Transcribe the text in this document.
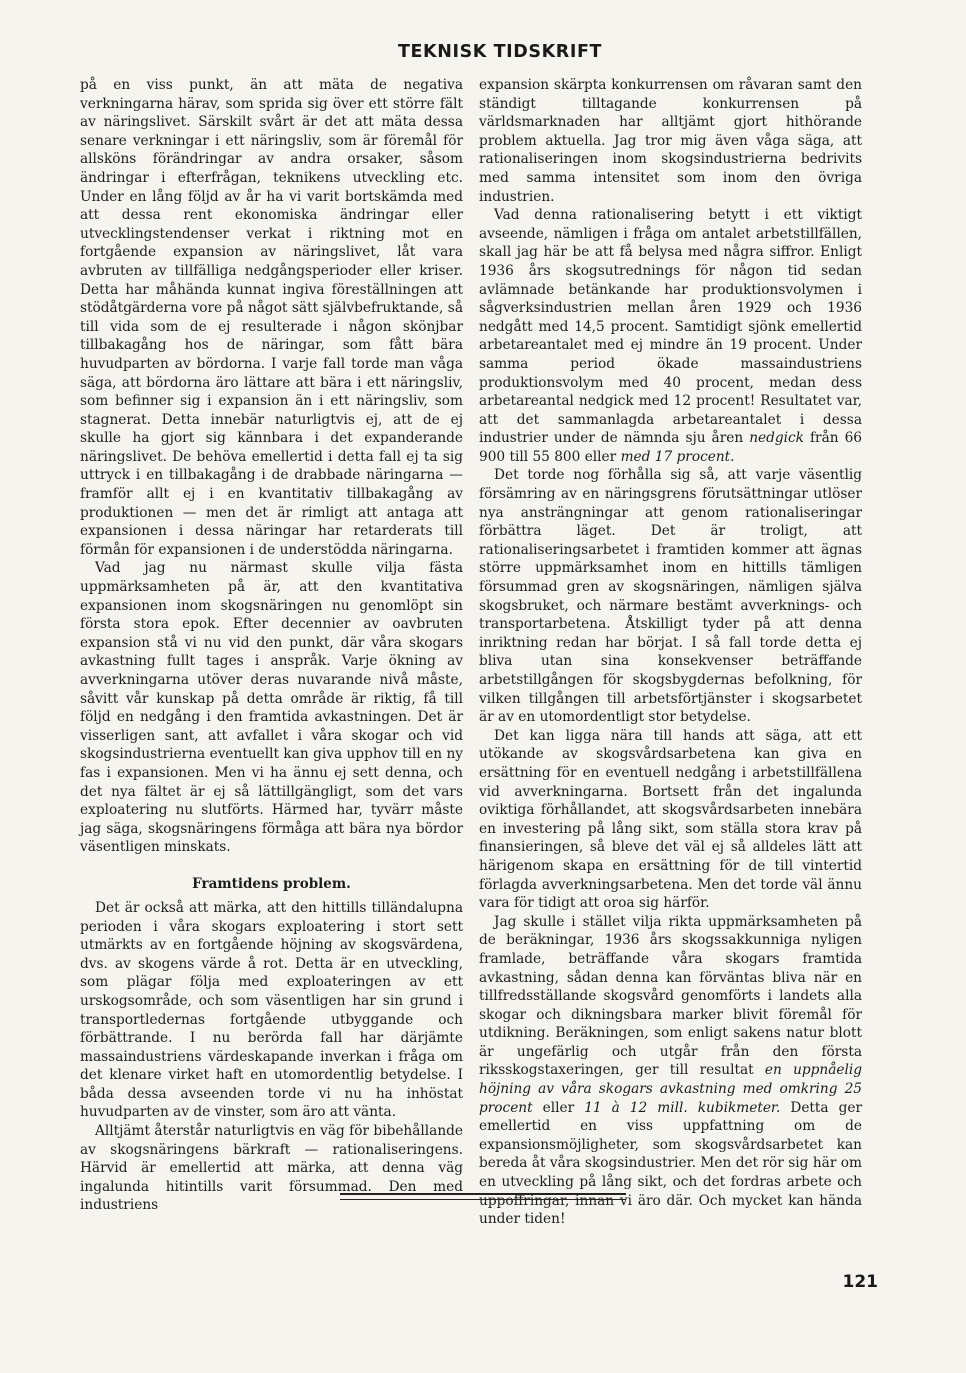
TEKNISK TIDSKRIFT

på en viss punkt, än att mäta de negativa verkningarna härav, som sprida sig över ett större fält av näringslivet. Särskilt svårt är det att mäta dessa senare verkningar i ett näringsliv, som är föremål för allsköns förändringar av andra orsaker, såsom ändringar i efterfrågan, teknikens utveckling etc. Under en lång följd av år ha vi varit bortskämda med att dessa rent ekonomiska ändringar eller utvecklingstendenser verkat i riktning mot en fortgående expansion av näringslivet, låt vara avbruten av tillfälliga nedgångsperioder eller kriser. Detta har måhända kunnat ingiva föreställningen att stödåtgärderna vore på något sätt självbefruktande, så till vida som de ej resulterade i någon skönjbar tillbakagång hos de näringar, som fått bära huvudparten av bördorna. I varje fall torde man våga säga, att bördorna äro lättare att bära i ett näringsliv, som befinner sig i expansion än i ett näringsliv, som stagnerat. Detta innebär naturligtvis ej, att de ej skulle ha gjort sig kännbara i det expanderande näringslivet. De behöva emellertid i detta fall ej ta sig uttryck i en tillbakagång i de drabbade näringarna — framför allt ej i en kvantitativ tillbakagång av produktionen — men det är rimligt att antaga att expansionen i dessa näringar har retarderats till förmån för expansionen i de understödda näringarna.

Vad jag nu närmast skulle vilja fästa uppmärksamheten på är, att den kvantitativa expansionen inom skogsnäringen nu genomlöpt sin första stora epok. Efter decennier av oavbruten expansion stå vi nu vid den punkt, där våra skogars avkastning fullt tages i anspråk. Varje ökning av avverkningarna utöver deras nuvarande nivå måste, såvitt vår kunskap på detta område är riktig, få till följd en nedgång i den framtida avkastningen. Det är visserligen sant, att avfallet i våra skogar och vid skogsindustrierna eventuellt kan giva upphov till en ny fas i expansionen. Men vi ha ännu ej sett denna, och det nya fältet är ej så lättillgängligt, som det vars exploatering nu slutförts. Härmed har, tyvärr måste jag säga, skogsnäringens förmåga att bära nya bördor väsentligen minskats.

Framtidens problem.

Det är också att märka, att den hittills tilländalupna perioden i våra skogars exploatering i stort sett utmärkts av en fortgående höjning av skogsvärdena, dvs. av skogens värde å rot. Detta är en utveckling, som plägar följa med exploateringen av ett urskogsområde, och som väsentligen har sin grund i transportledernas fortgående utbyggande och förbättrande. I nu berörda fall har därjämte massaindustriens värdeskapande inverkan i fråga om det klenare virket haft en utomordentlig betydelse. I båda dessa avseenden torde vi nu ha inhöstat huvudparten av de vinster, som äro att vänta.

Alltjämt återstår naturligtvis en väg för bibehållande av skogsnäringens bärkraft — rationaliseringens. Härvid är emellertid att märka, att denna väg ingalunda hitintills varit försummad. Den med industriens

expansion skärpta konkurrensen om råvaran samt den ständigt tilltagande konkurrensen på världsmarknaden har alltjämt gjort hithörande problem aktuella. Jag tror mig även våga säga, att rationaliseringen inom skogsindustrierna bedrivits med samma intensitet som inom den övriga industrien.

Vad denna rationalisering betytt i ett viktigt avseende, nämligen i fråga om antalet arbetstillfällen, skall jag här be att få belysa med några siffror. Enligt 1936 års skogsutrednings för någon tid sedan avlämnade betänkande har produktionsvolymen i sågverksindustrien mellan åren 1929 och 1936 nedgått med 14,5 procent. Samtidigt sjönk emellertid arbetareantalet med ej mindre än 19 procent. Under samma period ökade massaindustriens produktionsvolym med 40 procent, medan dess arbetareantal nedgick med 12 procent! Resultatet var, att det sammanlagda arbetareantalet i dessa industrier under de nämnda sju åren nedgick från 66 900 till 55 800 eller med 17 procent.

Det torde nog förhålla sig så, att varje väsentlig försämring av en näringsgrens förutsättningar utlöser nya ansträngningar att genom rationaliseringar förbättra läget. Det är troligt, att rationaliseringsarbetet i framtiden kommer att ägnas större uppmärksamhet inom en hittills tämligen försummad gren av skogsnäringen, nämligen själva skogsbruket, och närmare bestämt avverknings- och transportarbetena. Åtskilligt tyder på att denna inriktning redan har börjat. I så fall torde detta ej bliva utan sina konsekvenser beträffande arbetstillgången för skogsbygdernas befolkning, för vilken tillgången till arbetsförtjänster i skogsarbetet är av en utomordentligt stor betydelse.

Det kan ligga nära till hands att säga, att ett utökande av skogsvårdsarbetena kan giva en ersättning för en eventuell nedgång i arbetstillfällena vid avverkningarna. Bortsett från det ingalunda oviktiga förhållandet, att skogsvårdsarbeten innebära en investering på lång sikt, som ställa stora krav på finansieringen, så bleve det väl ej så alldeles lätt att härigenom skapa en ersättning för de till vintertid förlagda avverkningsarbetena. Men det torde väl ännu vara för tidigt att oroa sig härför.

Jag skulle i stället vilja rikta uppmärksamheten på de beräkningar, 1936 års skogssakkunniga nyligen framlade, beträffande våra skogars framtida avkastning, sådan denna kan förväntas bliva när en tillfredsställande skogsvård genomförts i landets alla skogar och dikningsbara marker blivit föremål för utdikning. Beräkningen, som enligt sakens natur blott är ungefärlig och utgår från den första riksskogstaxeringen, ger till resultat en uppnåelig höjning av våra skogars avkastning med omkring 25 procent eller 11 à 12 mill. kubikmeter. Detta ger emellertid en viss uppfattning om de expansionsmöjligheter, som skogsvårdsarbetet kan bereda åt våra skogsindustrier. Men det rör sig här om en utveckling på lång sikt, och det fordras arbete och uppoffringar, innan vi äro där. Och mycket kan hända under tiden!

121
